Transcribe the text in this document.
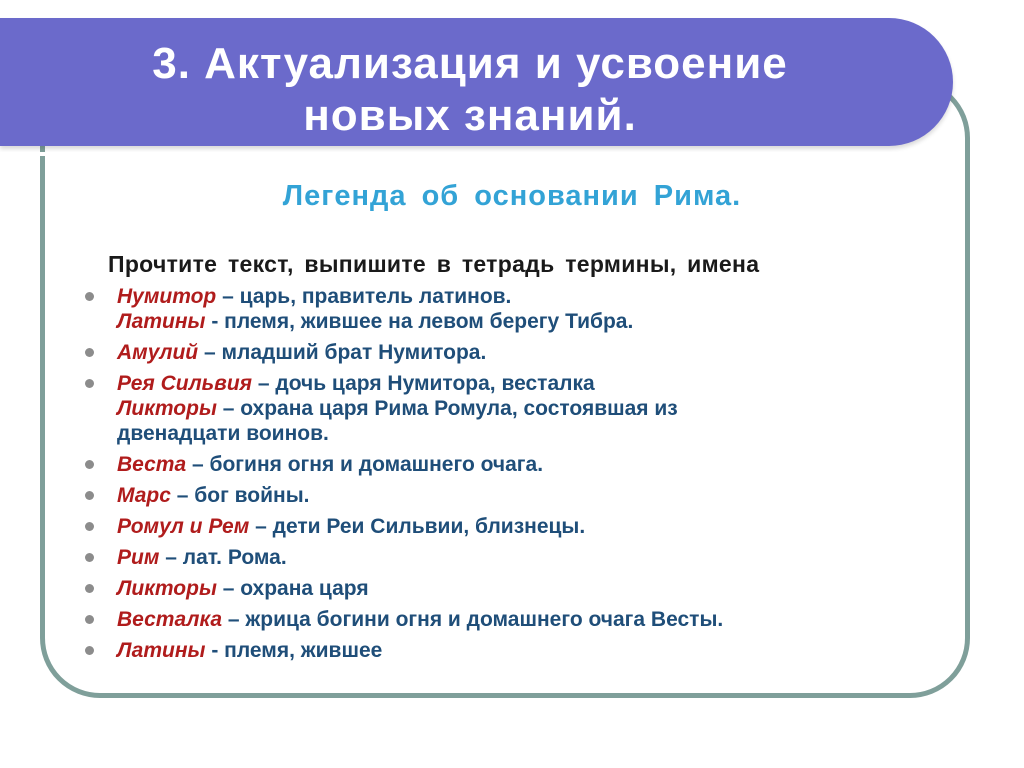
3. Актуализация и усвоение
новых знаний.
Легенда об основании Рима.
Прочтите текст, выпишите в тетрадь термины, имена
Нумитор – царь, правитель латинов.
Латины - племя, жившее на левом берегу Тибра.
Амулий – младший брат Нумитора.
Рея Сильвия – дочь царя Нумитора, весталка
Ликторы – охрана царя Рима Ромула, состоявшая из
двенадцати воинов.
Веста – богиня огня и домашнего очага.
Марс – бог войны.
Ромул и Рем – дети Реи Сильвии, близнецы.
Рим – лат. Рома.
Ликторы – охрана царя
Весталка – жрица богини огня и домашнего очага Весты.
Латины - племя, жившее
